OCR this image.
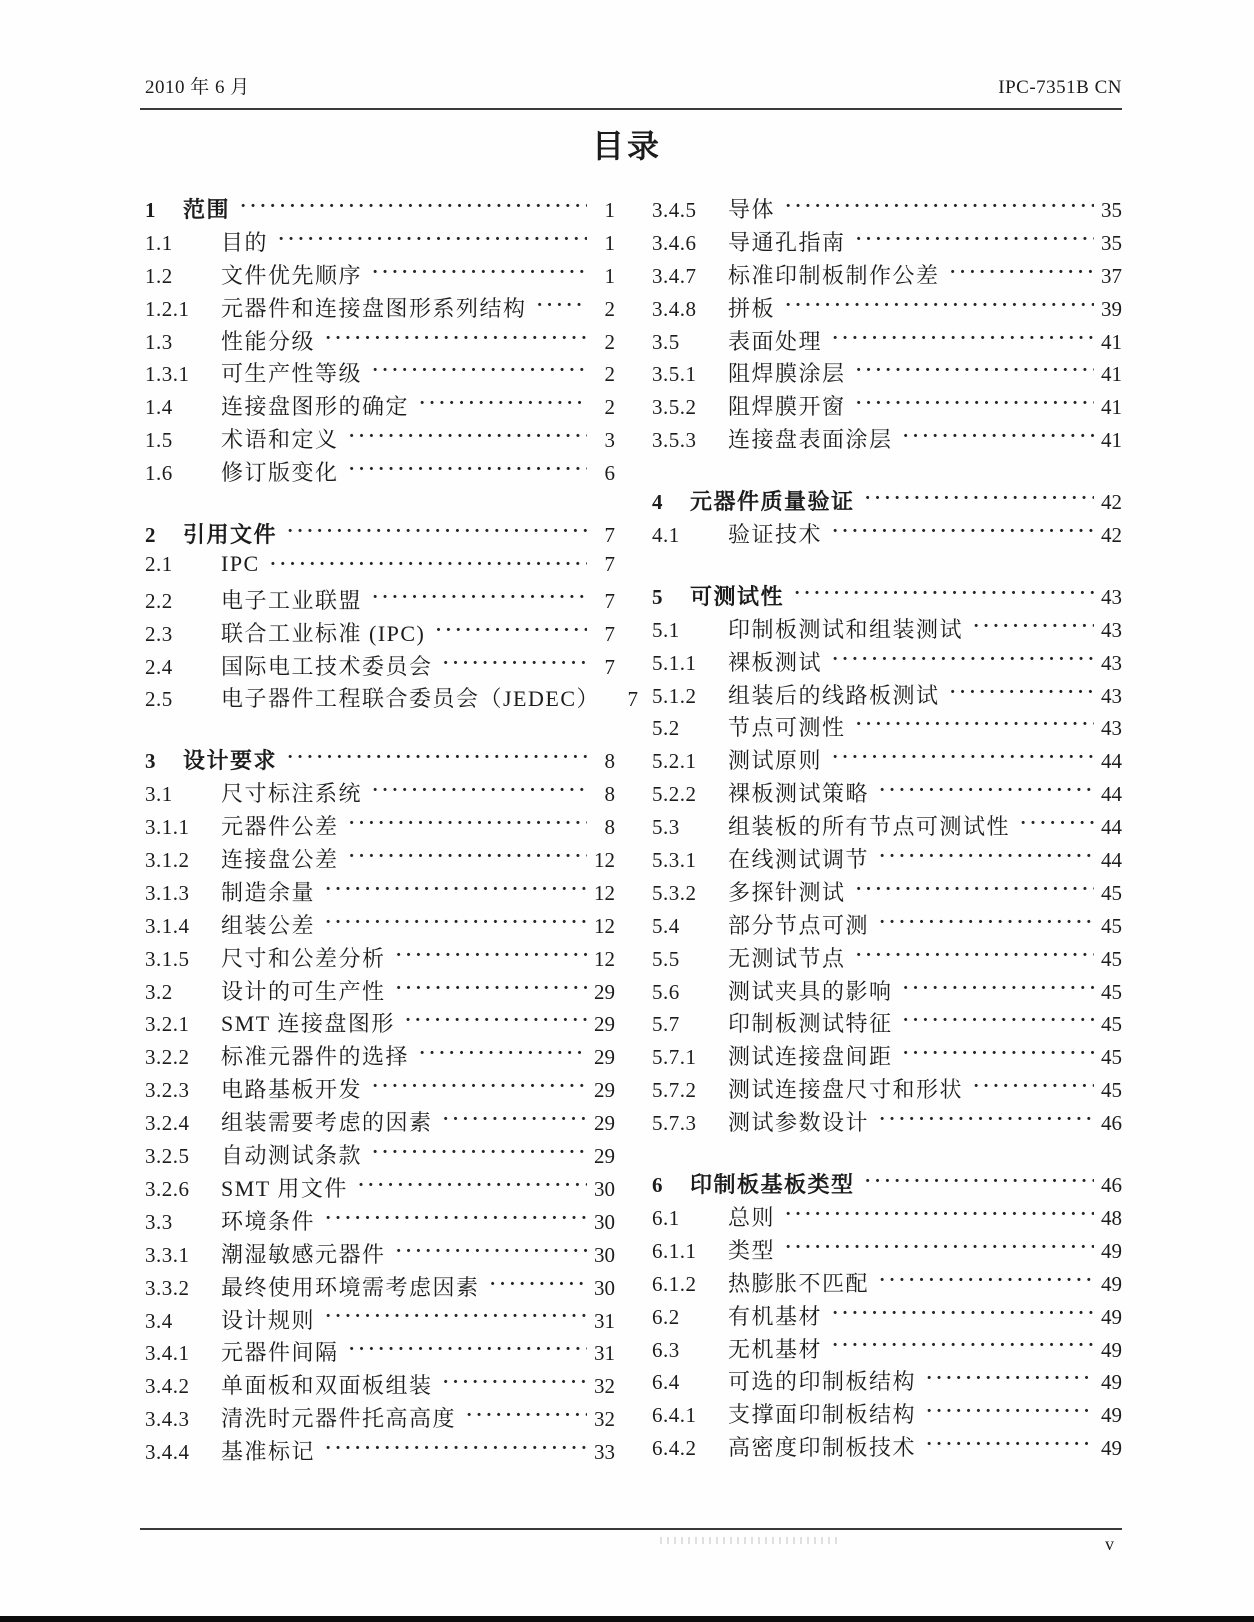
2010 年 6 月	IPC-7351B CN
目录
1	范围 ·····	1
1.1	目的 ·····	1
1.2	文件优先顺序 ·····	1
1.2.1	元器件和连接盘图形系列结构 ·····	2
1.3	性能分级 ·····	2
1.3.1	可生产性等级 ·····	2
1.4	连接盘图形的确定 ·····	2
1.5	术语和定义 ·····	3
1.6	修订版变化 ·····	6
2	引用文件 ·····	7
2.1	IPC ·····	7
2.2	电子工业联盟 ·····	7
2.3	联合工业标准 (IPC) ·····	7
2.4	国际电工技术委员会 ·····	7
2.5	电子器件工程联合委员会（JEDEC）	7
3	设计要求 ·····	8
3.1	尺寸标注系统 ·····	8
3.1.1	元器件公差 ·····	8
3.1.2	连接盘公差 ·····	12
3.1.3	制造余量 ·····	12
3.1.4	组装公差 ·····	12
3.1.5	尺寸和公差分析 ·····	12
3.2	设计的可生产性 ·····	29
3.2.1	SMT 连接盘图形 ·····	29
3.2.2	标准元器件的选择 ·····	29
3.2.3	电路基板开发 ·····	29
3.2.4	组装需要考虑的因素 ·····	29
3.2.5	自动测试条款 ·····	29
3.2.6	SMT 用文件 ·····	30
3.3	环境条件 ·····	30
3.3.1	潮湿敏感元器件 ·····	30
3.3.2	最终使用环境需考虑因素 ·····	30
3.4	设计规则 ·····	31
3.4.1	元器件间隔 ·····	31
3.4.2	单面板和双面板组装 ·····	32
3.4.3	清洗时元器件托高高度 ·····	32
3.4.4	基准标记 ·····	33
3.4.5	导体 ·····	35
3.4.6	导通孔指南 ·····	35
3.4.7	标准印制板制作公差 ·····	37
3.4.8	拼板 ·····	39
3.5	表面处理 ·····	41
3.5.1	阻焊膜涂层 ·····	41
3.5.2	阻焊膜开窗 ·····	41
3.5.3	连接盘表面涂层 ·····	41
4	元器件质量验证 ·····	42
4.1	验证技术 ·····	42
5	可测试性 ·····	43
5.1	印制板测试和组装测试 ·····	43
5.1.1	裸板测试 ·····	43
5.1.2	组装后的线路板测试 ·····	43
5.2	节点可测性 ·····	43
5.2.1	测试原则 ·····	44
5.2.2	裸板测试策略 ·····	44
5.3	组装板的所有节点可测试性 ·····	44
5.3.1	在线测试调节 ·····	44
5.3.2	多探针测试 ·····	45
5.4	部分节点可测 ·····	45
5.5	无测试节点 ·····	45
5.6	测试夹具的影响 ·····	45
5.7	印制板测试特征 ·····	45
5.7.1	测试连接盘间距 ·····	45
5.7.2	测试连接盘尺寸和形状 ·····	45
5.7.3	测试参数设计 ·····	46
6	印制板基板类型 ·····	46
6.1	总则 ·····	48
6.1.1	类型 ·····	49
6.1.2	热膨胀不匹配 ·····	49
6.2	有机基材 ·····	49
6.3	无机基材 ·····	49
6.4	可选的印制板结构 ·····	49
6.4.1	支撑面印制板结构 ·····	49
6.4.2	高密度印制板技术 ·····	49
v
